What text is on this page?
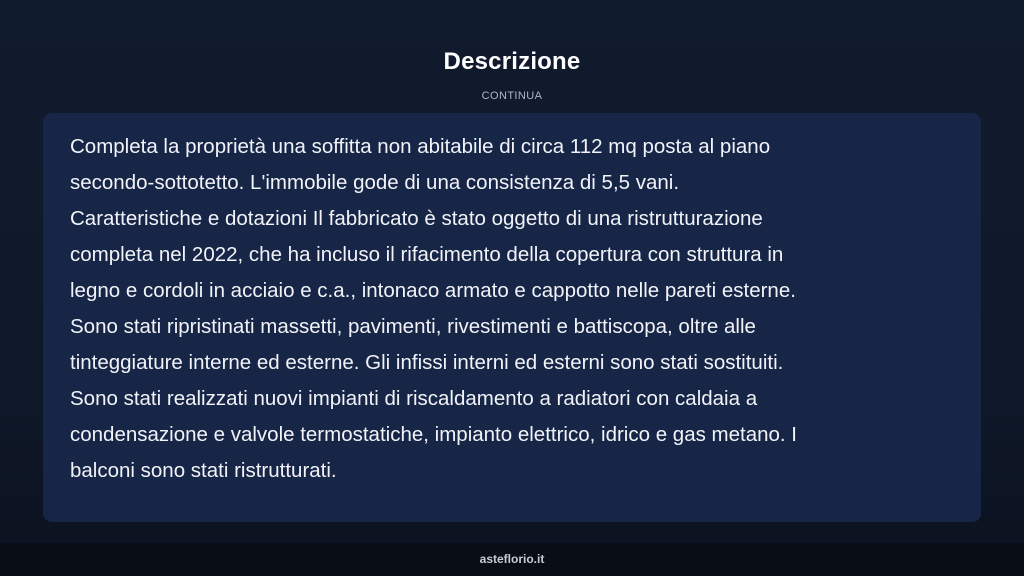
Descrizione
CONTINUA

Completa la proprietà una soffitta non abitabile di circa 112 mq posta al piano
secondo-sottotetto. L'immobile gode di una consistenza di 5,5 vani.
Caratteristiche e dotazioni Il fabbricato è stato oggetto di una ristrutturazione
completa nel 2022, che ha incluso il rifacimento della copertura con struttura in
legno e cordoli in acciaio e c.a., intonaco armato e cappotto nelle pareti esterne.
Sono stati ripristinati massetti, pavimenti, rivestimenti e battiscopa, oltre alle
tinteggiature interne ed esterne. Gli infissi interni ed esterni sono stati sostituiti.
Sono stati realizzati nuovi impianti di riscaldamento a radiatori con caldaia a
condensazione e valvole termostatiche, impianto elettrico, idrico e gas metano. I
balconi sono stati ristrutturati.

asteflorio.it
